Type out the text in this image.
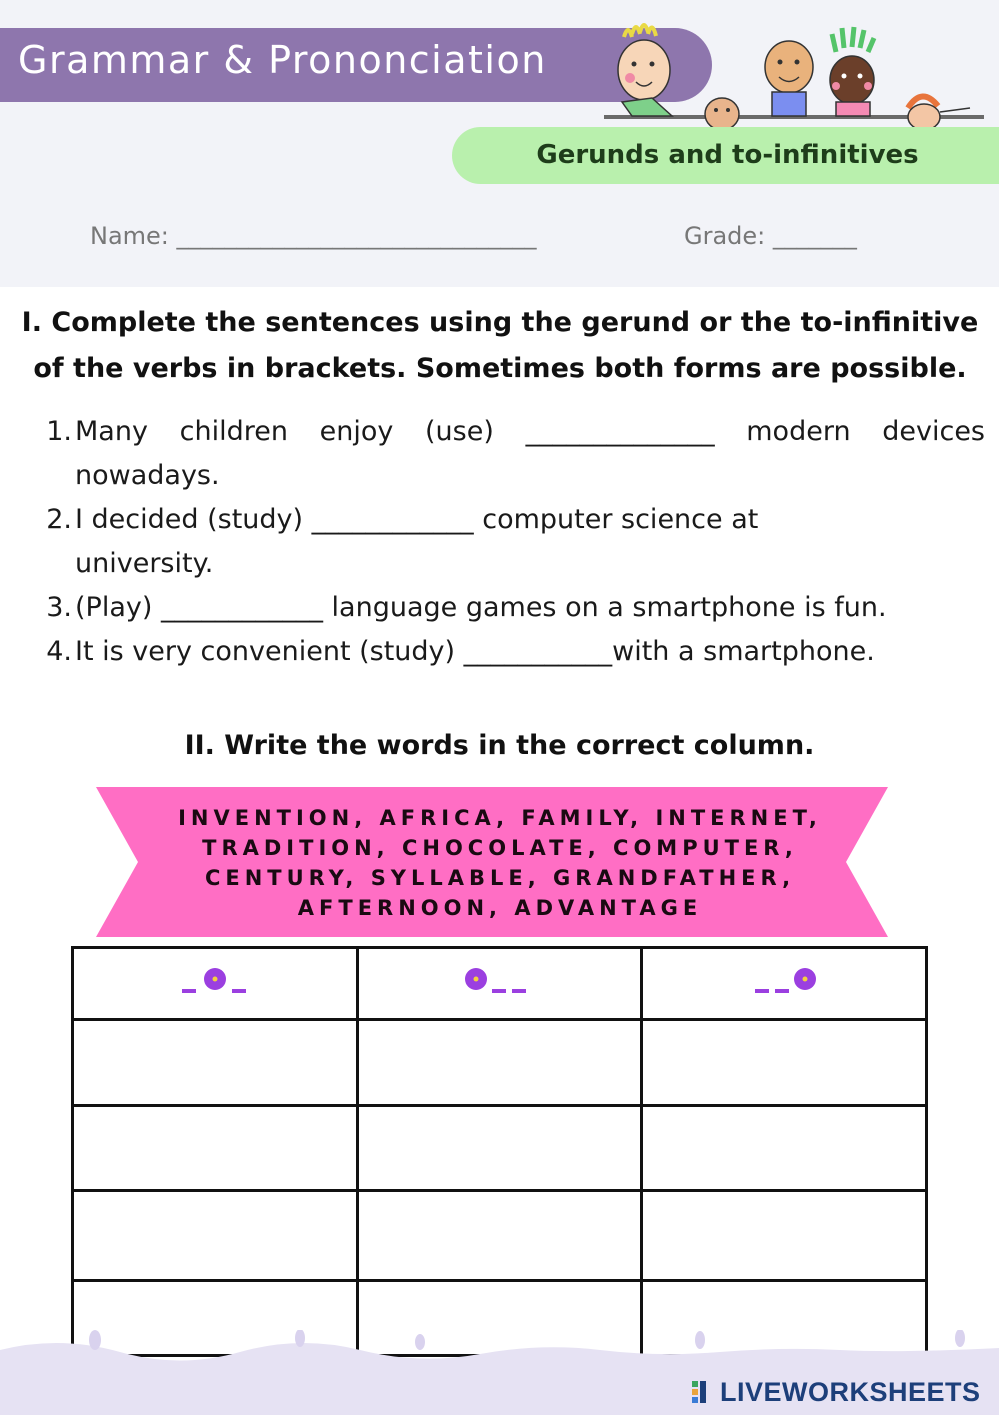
Grammar & Prononciation
Gerunds and to-infinitives
Name: ______________________________	Grade: _______
I. Complete the sentences using the gerund or the to-infinitive
of the verbs in brackets. Sometimes both forms are possible.
1. Many children enjoy (use) ______________ modern devices nowadays.
2. I decided (study) ____________ computer science at university.
3. (Play) ____________ language games on a smartphone is fun.
4. It is very convenient (study) ___________with a smartphone.
II. Write the words in the correct column.
INVENTION, AFRICA, FAMILY, INTERNET,
TRADITION, CHOCOLATE, COMPUTER,
CENTURY, SYLLABLE, GRANDFATHER,
AFTERNOON, ADVANTAGE

LIVEWORKSHEETS
